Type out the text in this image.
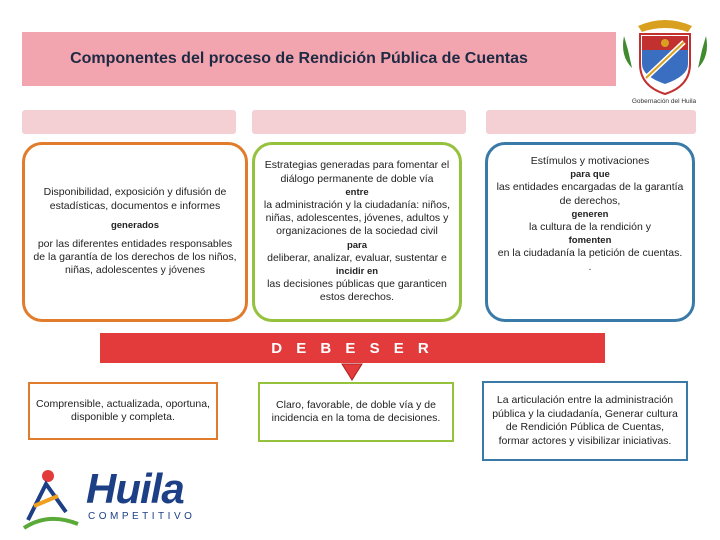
Componentes del proceso de Rendición Pública de Cuentas
Gobernación del Huila

Disponibilidad, exposición y difusión de estadísticas, documentos e informes

generados

por las diferentes entidades responsables de la garantía de los derechos de los niños, niñas, adolescentes y jóvenes

Estrategias generadas para fomentar el diálogo permanente de doble vía

entre

la administración y la ciudadanía: niños, niñas, adolescentes, jóvenes, adultos y organizaciones de la sociedad civil

para

deliberar, analizar, evaluar, sustentar e incidir en

las decisiones públicas que garanticen estos derechos.

Estímulos y motivaciones

para que

las entidades encargadas de la garantía de derechos,

generen

la cultura de la rendición y

fomenten

en la ciudadanía la petición de cuentas.

.

D E B E S E R
Comprensible, actualizada, oportuna, disponible y completa.
Claro, favorable, de doble vía y de incidencia en la toma de decisiones.
La articulación entre la administración pública y la ciudadanía, Generar cultura de Rendición Pública de Cuentas, formar actores y visibilizar iniciativas.
Huila
COMPETITIVO
